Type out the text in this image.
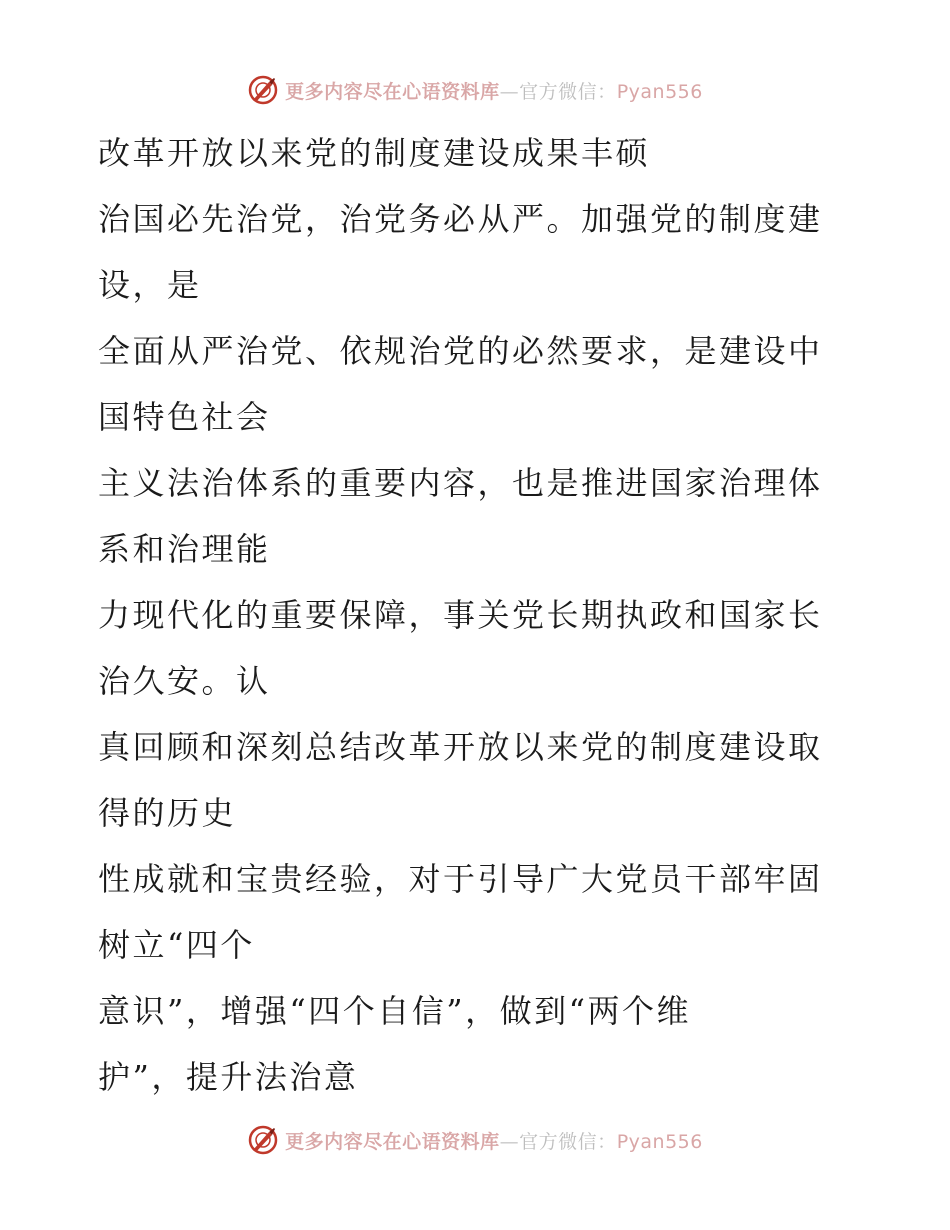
更多内容尽在心语资料库—官方微信：Pyan556
改革开放以来党的制度建设成果丰硕
治国必先治党，治党务必从严。加强党的制度建
设，是
全面从严治党、依规治党的必然要求，是建设中
国特色社会
主义法治体系的重要内容，也是推进国家治理体
系和治理能
力现代化的重要保障，事关党长期执政和国家长
治久安。认
真回顾和深刻总结改革开放以来党的制度建设取
得的历史
性成就和宝贵经验，对于引导广大党员干部牢固
树立“四个
意识”，增强“四个自信”，做到“两个维
护”，提升法治意
更多内容尽在心语资料库—官方微信：Pyan556
